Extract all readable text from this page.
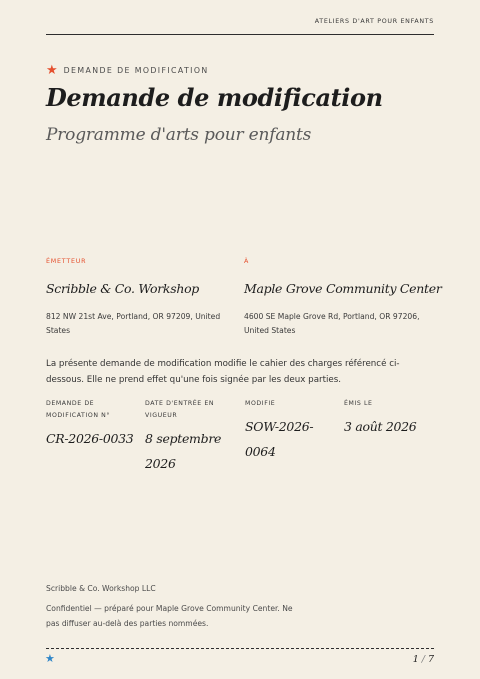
ATELIERS D'ART POUR ENFANTS
★ DEMANDE DE MODIFICATION
Demande de modification
Programme d'arts pour enfants
ÉMETTEUR
Scribble & Co. Workshop
812 NW 21st Ave, Portland, OR 97209, United States
À
Maple Grove Community Center
4600 SE Maple Grove Rd, Portland, OR 97206, United States
La présente demande de modification modifie le cahier des charges référencé ci-dessous. Elle ne prend effet qu'une fois signée par les deux parties.
DEMANDE DE MODIFICATION N°
CR-2026-0033
DATE D'ENTRÉE EN VIGUEUR
8 septembre 2026
MODIFIE
SOW-2026-0064
ÉMIS LE
3 août 2026
Scribble & Co. Workshop LLC
Confidentiel — préparé pour Maple Grove Community Center. Ne pas diffuser au-delà des parties nommées.
★	1 / 7
